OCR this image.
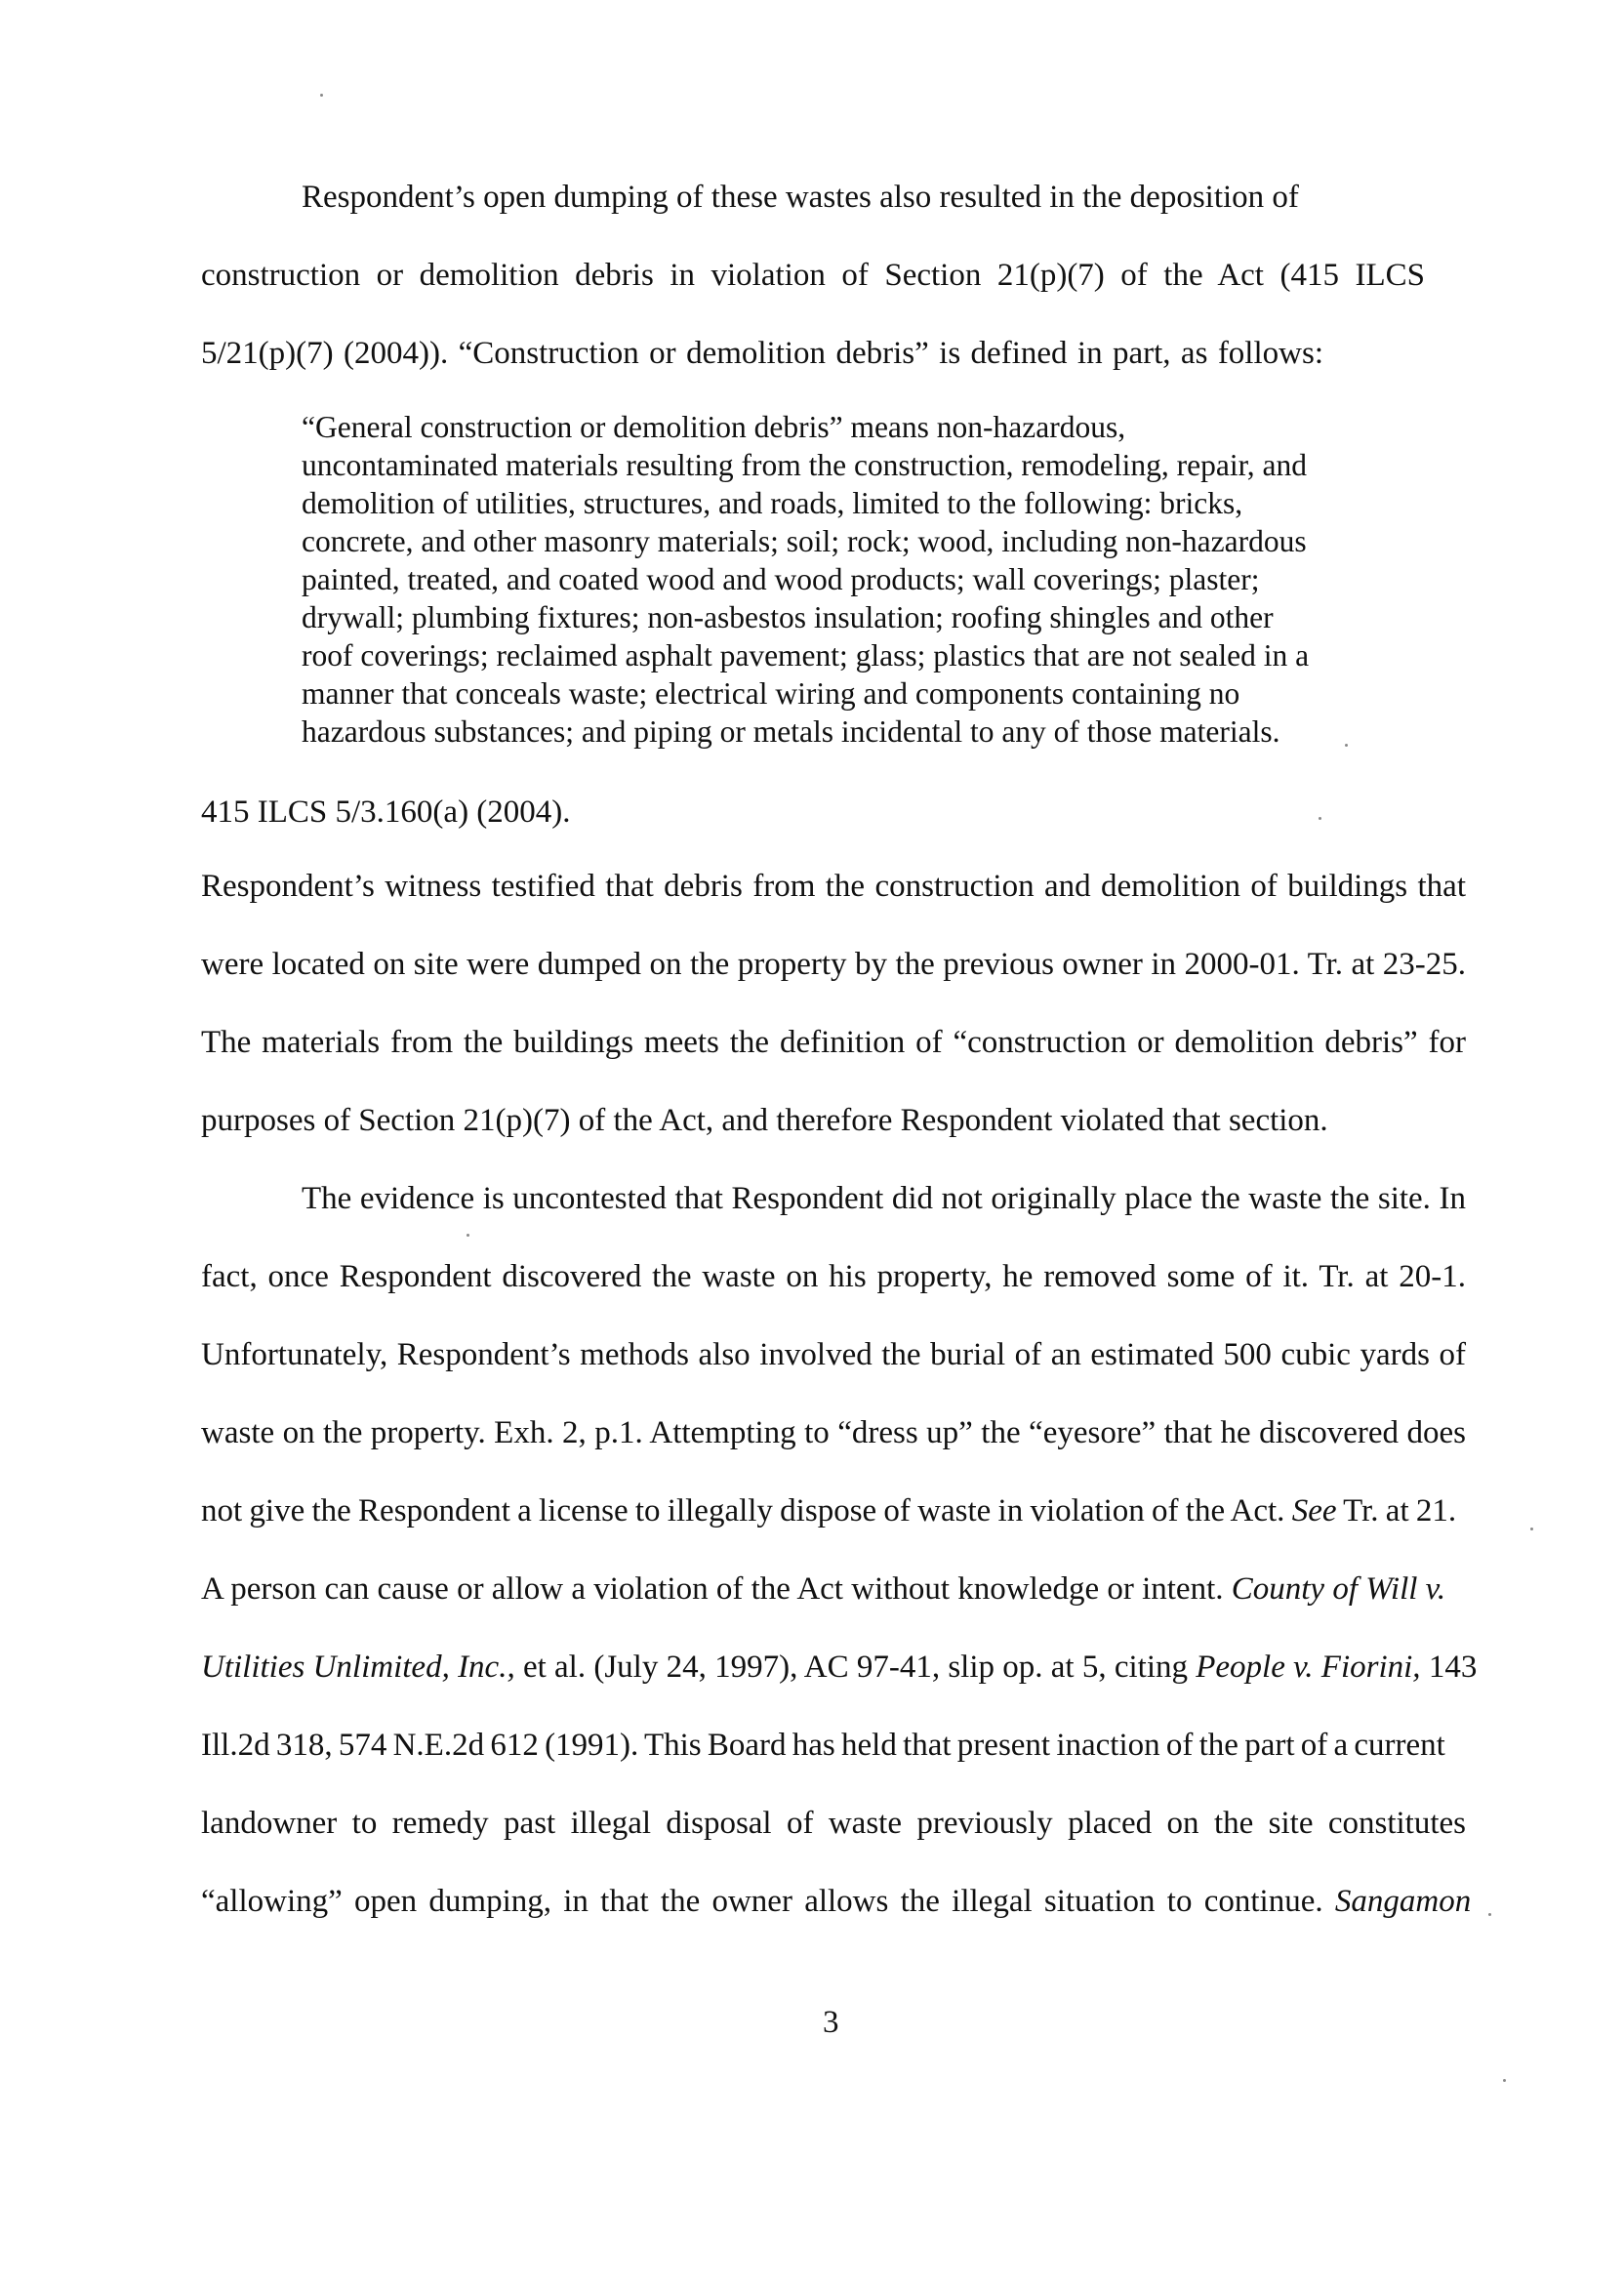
Respondent’s open dumping of these wastes also resulted in the deposition of
construction or demolition debris in violation of Section 21(p)(7) of the Act (415 ILCS
5/21(p)(7) (2004)). “Construction or demolition debris” is defined in part, as follows:
“General construction or demolition debris” means non-hazardous,
uncontaminated materials resulting from the construction, remodeling, repair, and
demolition of utilities, structures, and roads, limited to the following: bricks,
concrete, and other masonry materials; soil; rock; wood, including non-hazardous
painted, treated, and coated wood and wood products; wall coverings; plaster;
drywall; plumbing fixtures; non-asbestos insulation; roofing shingles and other
roof coverings; reclaimed asphalt pavement; glass; plastics that are not sealed in a
manner that conceals waste; electrical wiring and components containing no
hazardous substances; and piping or metals incidental to any of those materials.
415 ILCS 5/3.160(a) (2004).
Respondent’s witness testified that debris from the construction and demolition of buildings that
were located on site were dumped on the property by the previous owner in 2000-01. Tr. at 23-25.
The materials from the buildings meets the definition of “construction or demolition debris” for
purposes of Section 21(p)(7) of the Act, and therefore Respondent violated that section.
The evidence is uncontested that Respondent did not originally place the waste the site. In
fact, once Respondent discovered the waste on his property, he removed some of it. Tr. at 20-1.
Unfortunately, Respondent’s methods also involved the burial of an estimated 500 cubic yards of
waste on the property. Exh. 2, p.1. Attempting to “dress up” the “eyesore” that he discovered does
not give the Respondent a license to illegally dispose of waste in violation of the Act. See Tr. at 21.
A person can cause or allow a violation of the Act without knowledge or intent. County of Will v.
Utilities Unlimited, Inc., et al. (July 24, 1997), AC 97-41, slip op. at 5, citing People v. Fiorini, 143
Ill.2d 318, 574 N.E.2d 612 (1991). This Board has held that present inaction of the part of a current
landowner to remedy past illegal disposal of waste previously placed on the site constitutes
“allowing” open dumping, in that the owner allows the illegal situation to continue. Sangamon
3
